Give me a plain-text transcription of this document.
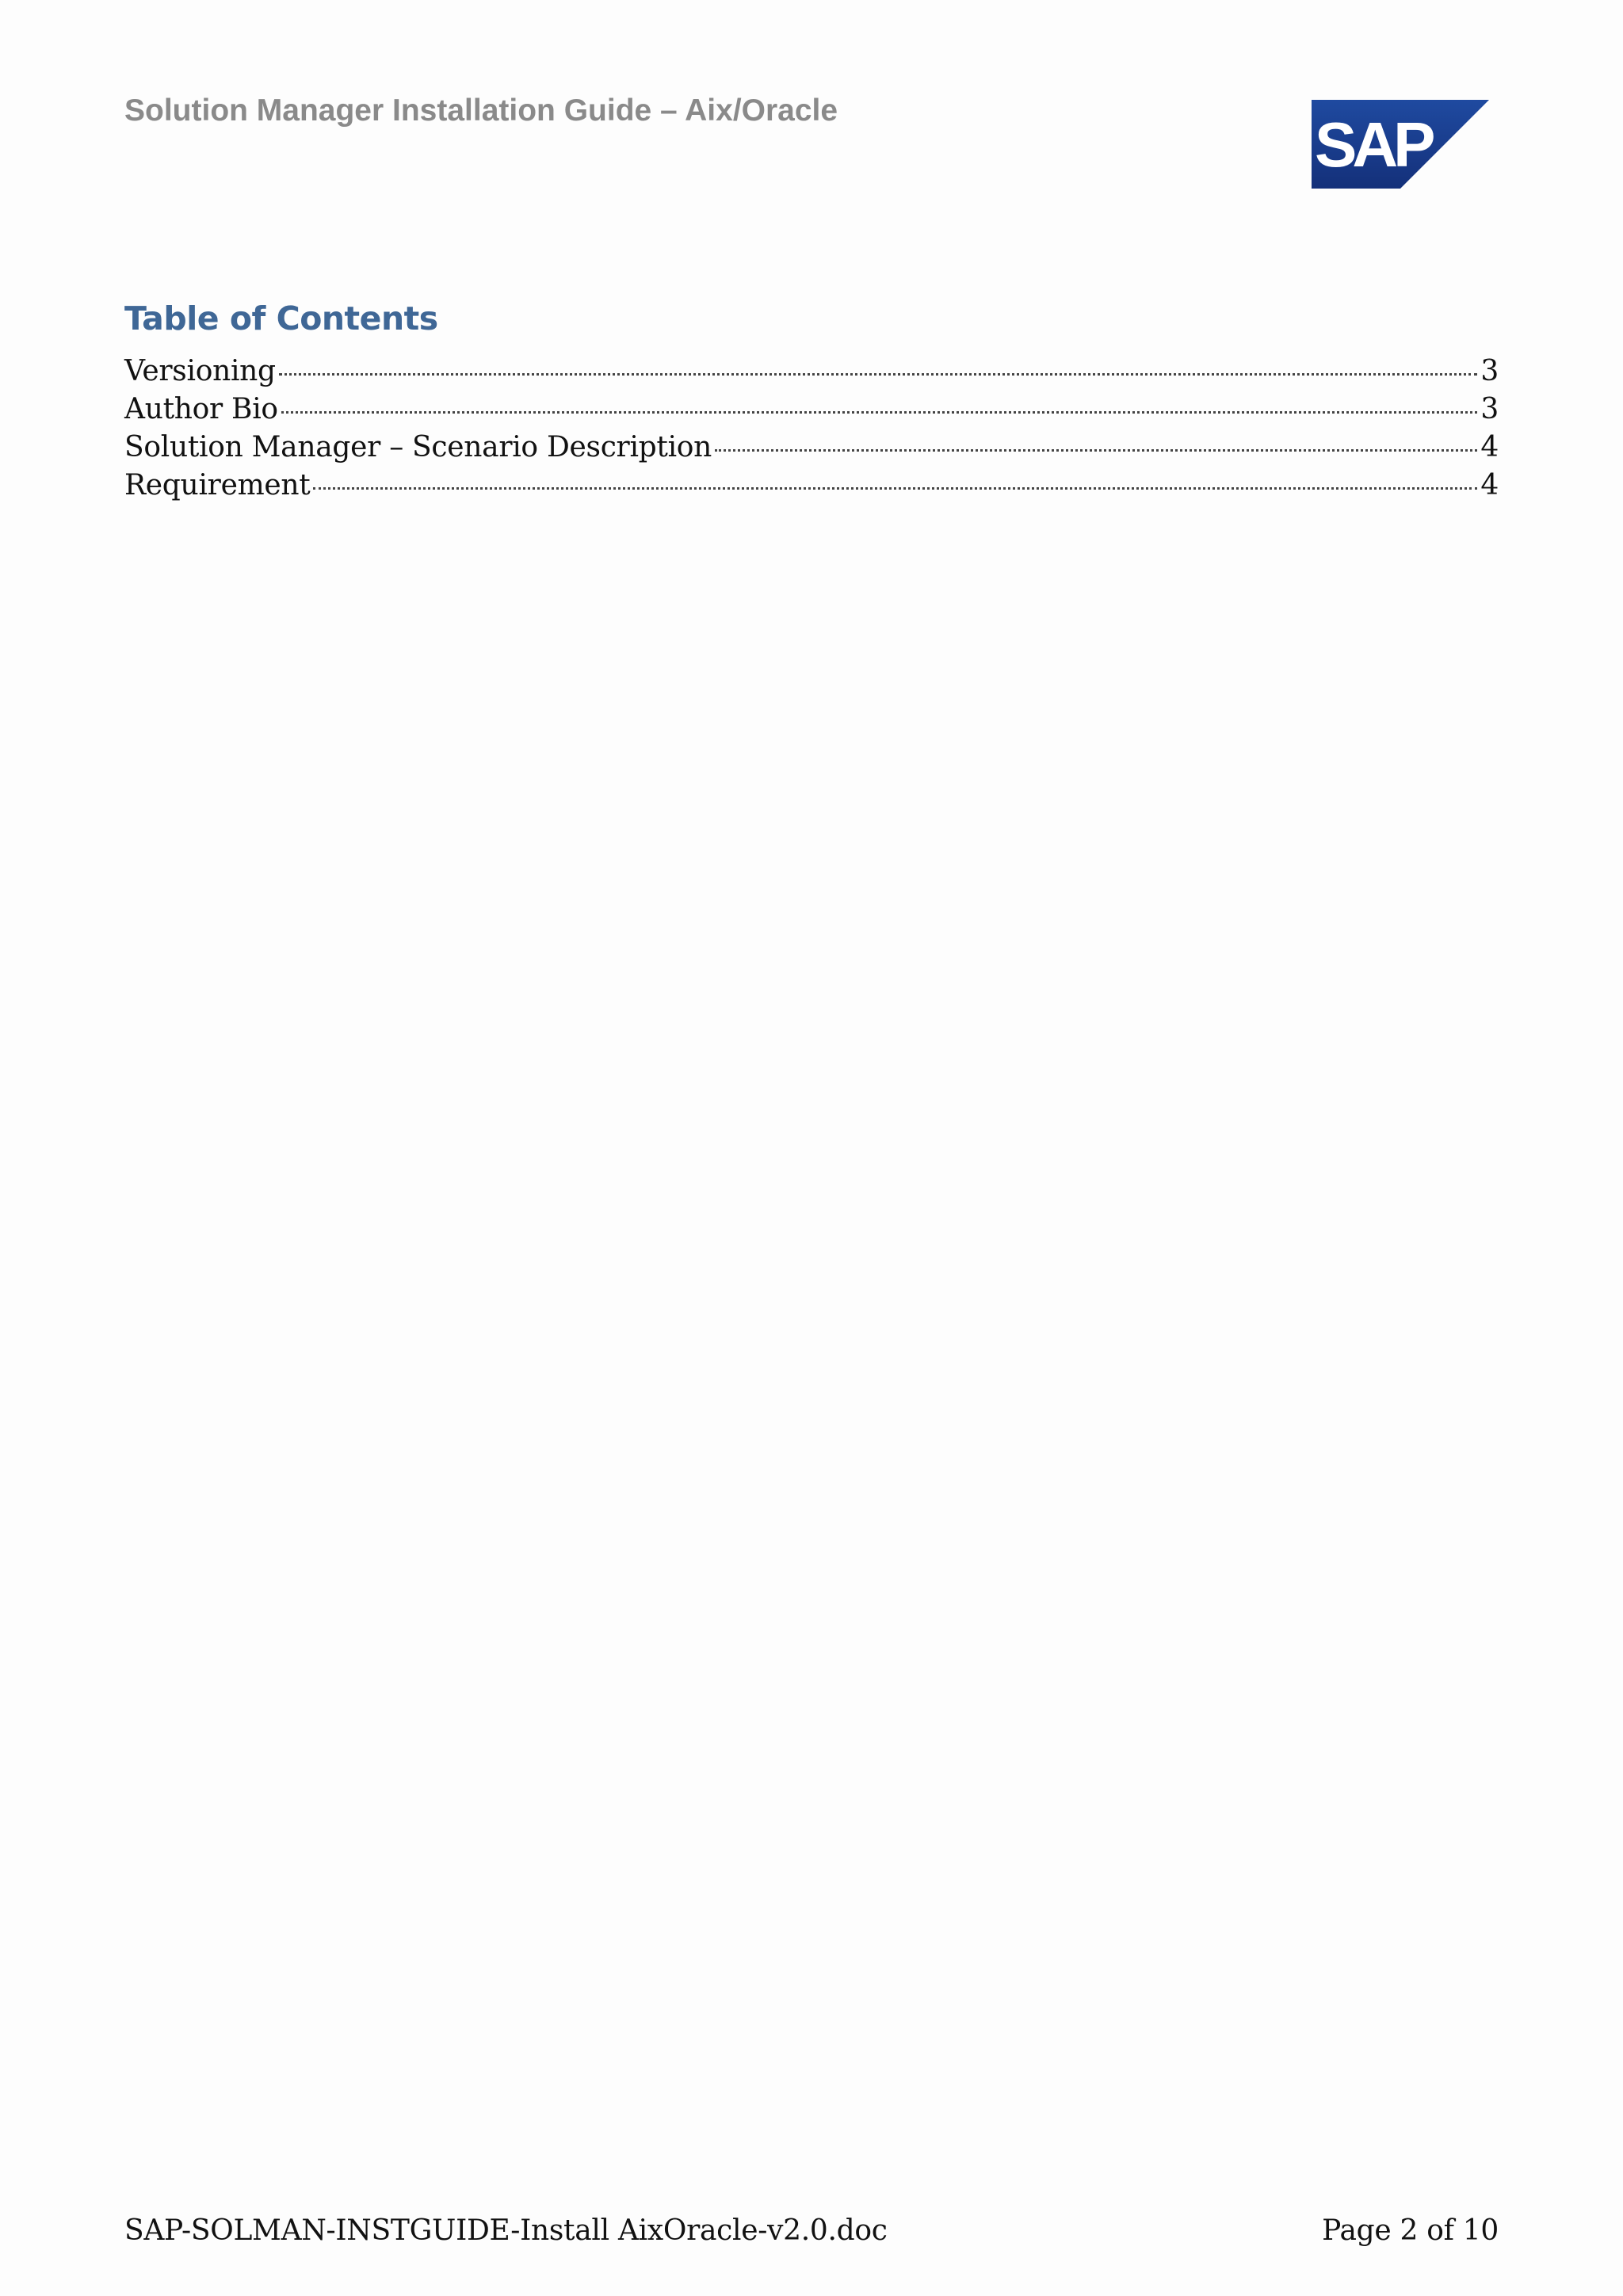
Solution Manager Installation Guide – Aix/Oracle	SAP
Table of Contents
Versioning	3
Author Bio	3
Solution Manager – Scenario Description	4
Requirement	4
SAP-SOLMAN-INSTGUIDE-Install AixOracle-v2.0.doc	Page 2 of 10
